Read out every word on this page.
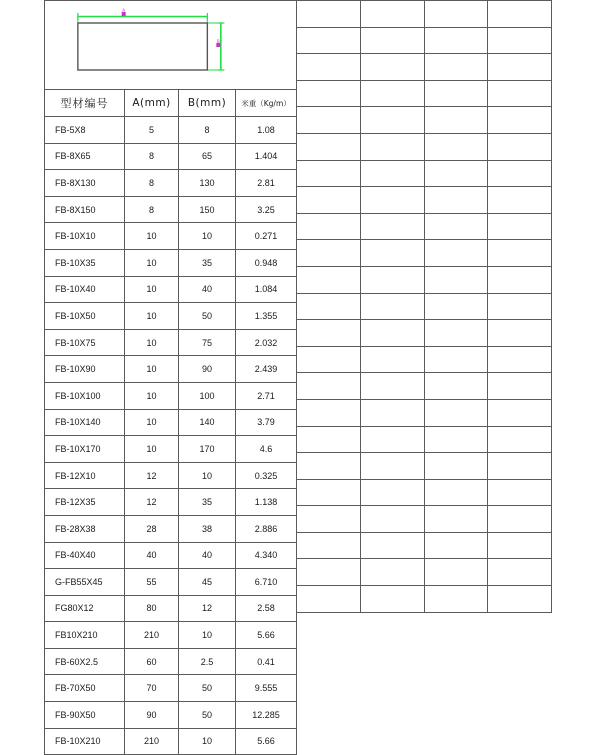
A
B			

型材编号	A(mm)	B(mm)	米重（Kg/m）
FB-5X8	5	8	1.08
FB-8X65	8	65	1.404
FB-8X130	8	130	2.81
FB-8X150	8	150	3.25
FB-10X10	10	10	0.271
FB-10X35	10	35	0.948
FB-10X40	10	40	1.084
FB-10X50	10	50	1.355
FB-10X75	10	75	2.032
FB-10X90	10	90	2.439
FB-10X100	10	100	2.71
FB-10X140	10	140	3.79
FB-10X170	10	170	4.6
FB-12X10	12	10	0.325
FB-12X35	12	35	1.138
FB-28X38	28	38	2.886
FB-40X40	40	40	4.340
G-FB55X45	55	45	6.710
FG80X12	80	12	2.58
FB10X210	210	10	5.66
FB-60X2.5	60	2.5	0.41
FB-70X50	70	50	9.555
FB-90X50	90	50	12.285
FB-10X210	210	10	5.66
